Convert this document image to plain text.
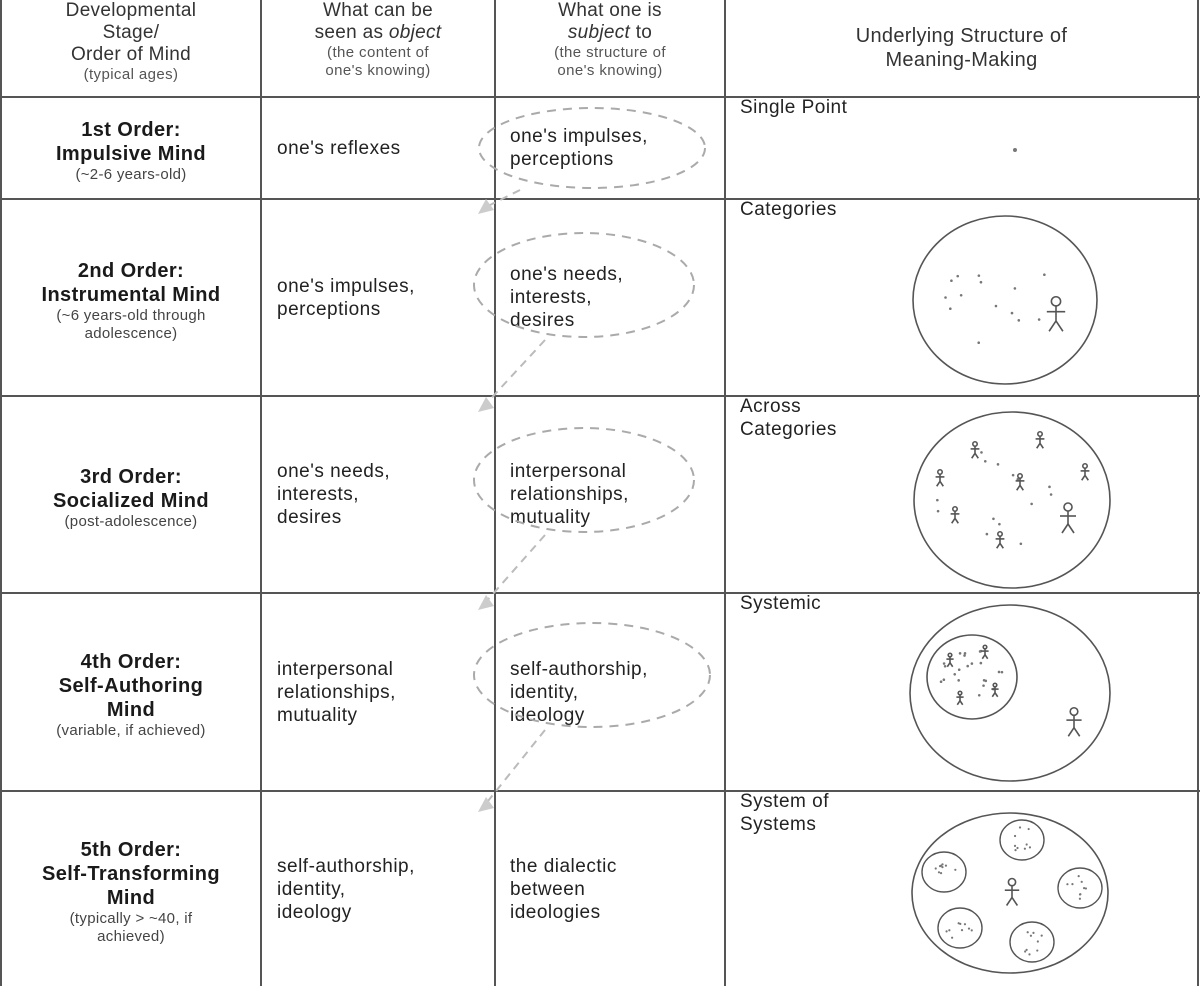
Developmental
Stage/
Order of Mind
(typical ages)
What can be
seen as object
(the content of
one's knowing)
What one is
subject to
(the structure of
one's knowing)
Underlying Structure of
Meaning-Making
1st Order:
Impulsive Mind
(~2-6 years-old)
one's reflexes
one's impulses,
perceptions
Single Point
2nd Order:
Instrumental Mind
(~6 years-old through
adolescence)
one's impulses,
perceptions
one's needs,
interests,
desires
Categories
3rd Order:
Socialized Mind
(post-adolescence)
one's needs,
interests,
desires
interpersonal
relationships,
mutuality
Across
Categories
4th Order:
Self-Authoring
Mind
(variable, if achieved)
interpersonal
relationships,
mutuality
self-authorship,
identity,
ideology
Systemic
5th Order:
Self-Transforming
Mind
(typically > ~40, if
achieved)
self-authorship,
identity,
ideology
the dialectic
between
ideologies
System of
Systems
